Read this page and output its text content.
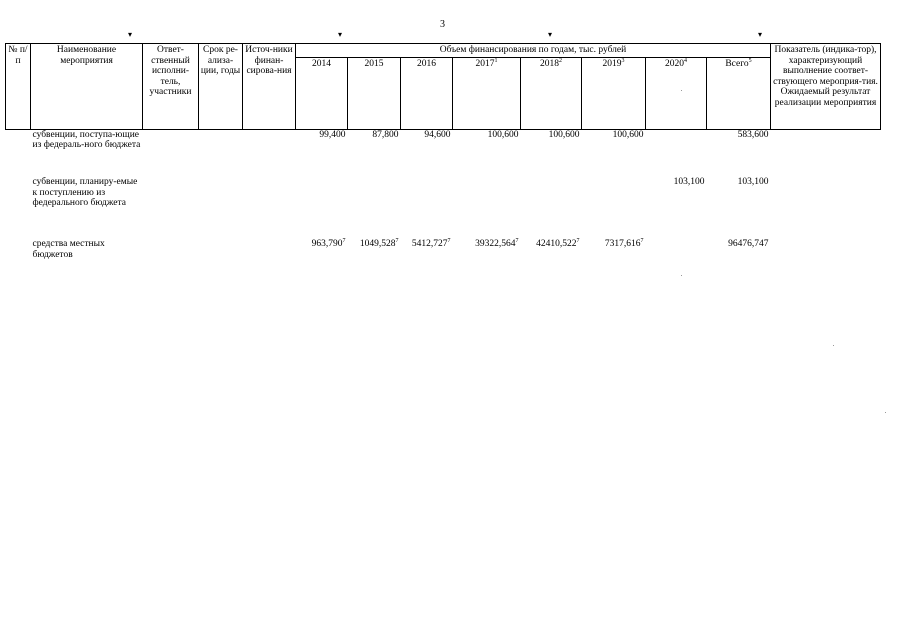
3
▾	▾	▾	▾
№ п/п	Наименование мероприятия	Ответ-ственный исполни-тель, участники	Срок ре-ализа-ции, годы	Источ-ники финан-сирова-ния	Объем финансирования по годам, тыс. рублей								Показатель (индика-тор), характеризующий выполнение соответ-ствующего мероприя-тия. Ожидаемый результат реализации мероприятия
					2014	2015	2016	2017$^1$	2018$^2$	2019$^3$	2020$^4$	Всего$^5$
	субвенции, поступа-ющие из федераль-ного бюджета				99,400	87,800	94,600	100,600	100,600	100,600		583,600	
	субвенции, планиру-емые к поступлению из федерального бюджета										103,100	103,100	
	средства местных бюджетов				963,790$^7$	1049,528$^7$	5412,727$^7$	39322,564$^7$	42410,522$^7$	7317,616$^7$		96476,747	
